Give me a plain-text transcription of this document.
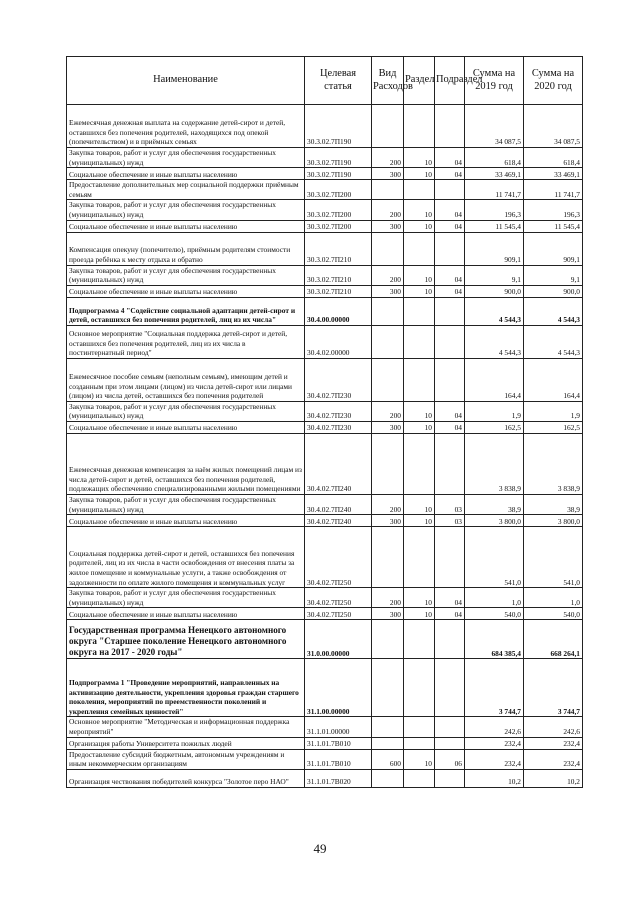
Наименование	Целевая статья	Вид Расходов	Раздел	Подраздел	Сумма на 2019 год	Сумма на 2020 год
Ежемесячная денежная выплата на содержание детей-сирот и детей, оставшихся без попечения родителей, находящихся под опекой (попечительством) и в приёмных семьях	30.3.02.7П190				34 087,5	34 087,5
Закупка товаров, работ и услуг для обеспечения государственных (муниципальных) нужд	30.3.02.7П190	200	10	04	618,4	618,4
Социальное обеспечение и иные выплаты населению	30.3.02.7П190	300	10	04	33 469,1	33 469,1
Предоставление дополнительных мер социальной поддержки приёмным семьям	30.3.02.7П200				11 741,7	11 741,7
Закупка товаров, работ и услуг для обеспечения государственных (муниципальных) нужд	30.3.02.7П200	200	10	04	196,3	196,3
Социальное обеспечение и иные выплаты населению	30.3.02.7П200	300	10	04	11 545,4	11 545,4
Компенсация опекуну (попечителю), приёмным родителям стоимости проезда ребёнка к месту отдыха и обратно	30.3.02.7П210				909,1	909,1
Закупка товаров, работ и услуг для обеспечения государственных (муниципальных) нужд	30.3.02.7П210	200	10	04	9,1	9,1
Социальное обеспечение и иные выплаты населению	30.3.02.7П210	300	10	04	900,0	900,0
Подпрограмма 4 "Содействие социальной адаптации детей-сирот и детей, оставшихся без попечения родителей, лиц из их числа"	30.4.00.00000				4 544,3	4 544,3
Основное мероприятие "Социальная поддержка детей-сирот и детей, оставшихся без попечения родителей, лиц из их числа в постинтернатный период"	30.4.02.00000				4 544,3	4 544,3
Ежемесячное пособие семьям (неполным семьям), имеющим детей и созданным при этом лицами (лицом) из числа детей-сирот или лицами (лицом) из числа детей, оставшихся без попечения родителей	30.4.02.7П230				164,4	164,4
Закупка товаров, работ и услуг для обеспечения государственных (муниципальных) нужд	30.4.02.7П230	200	10	04	1,9	1,9
Социальное обеспечение и иные выплаты населению	30.4.02.7П230	300	10	04	162,5	162,5
Ежемесячная денежная компенсация за наём жилых помещений лицам из числа детей-сирот и детей, оставшихся без попечения родителей, подлежащих обеспечению специализированными жилыми помещениями	30.4.02.7П240				3 838,9	3 838,9
Закупка товаров, работ и услуг для обеспечения государственных (муниципальных) нужд	30.4.02.7П240	200	10	03	38,9	38,9
Социальное обеспечение и иные выплаты населению	30.4.02.7П240	300	10	03	3 800,0	3 800,0
Социальная поддержка детей-сирот и детей, оставшихся без попечения родителей, лиц из их числа в части освобождения от внесения платы за жилое помещение и коммунальные услуги, а также освобождения от задолженности по оплате жилого помещения и коммунальных услуг	30.4.02.7П250				541,0	541,0
Закупка товаров, работ и услуг для обеспечения государственных (муниципальных) нужд	30.4.02.7П250	200	10	04	1,0	1,0
Социальное обеспечение и иные выплаты населению	30.4.02.7П250	300	10	04	540,0	540,0
Государственная программа Ненецкого автономного округа "Старшее поколение Ненецкого автономного округа на 2017 - 2020 годы"	31.0.00.00000				684 385,4	668 264,1
Подпрограмма 1 "Проведение мероприятий, направленных на активизацию деятельности, укрепления здоровья граждан старшего поколения, мероприятий по преемственности поколений и укрепления семейных ценностей"	31.1.00.00000				3 744,7	3 744,7
Основное мероприятие "Методическая и информационная поддержка мероприятий"	31.1.01.00000				242,6	242,6
Организация работы Университета пожилых людей	31.1.01.7В010				232,4	232,4
Предоставление субсидий бюджетным, автономным учреждениям и иным некоммерческим организациям	31.1.01.7В010	600	10	06	232,4	232,4
Организация чествования победителей конкурса "Золотое перо НАО"	31.1.01.7В020				10,2	10,2
49
